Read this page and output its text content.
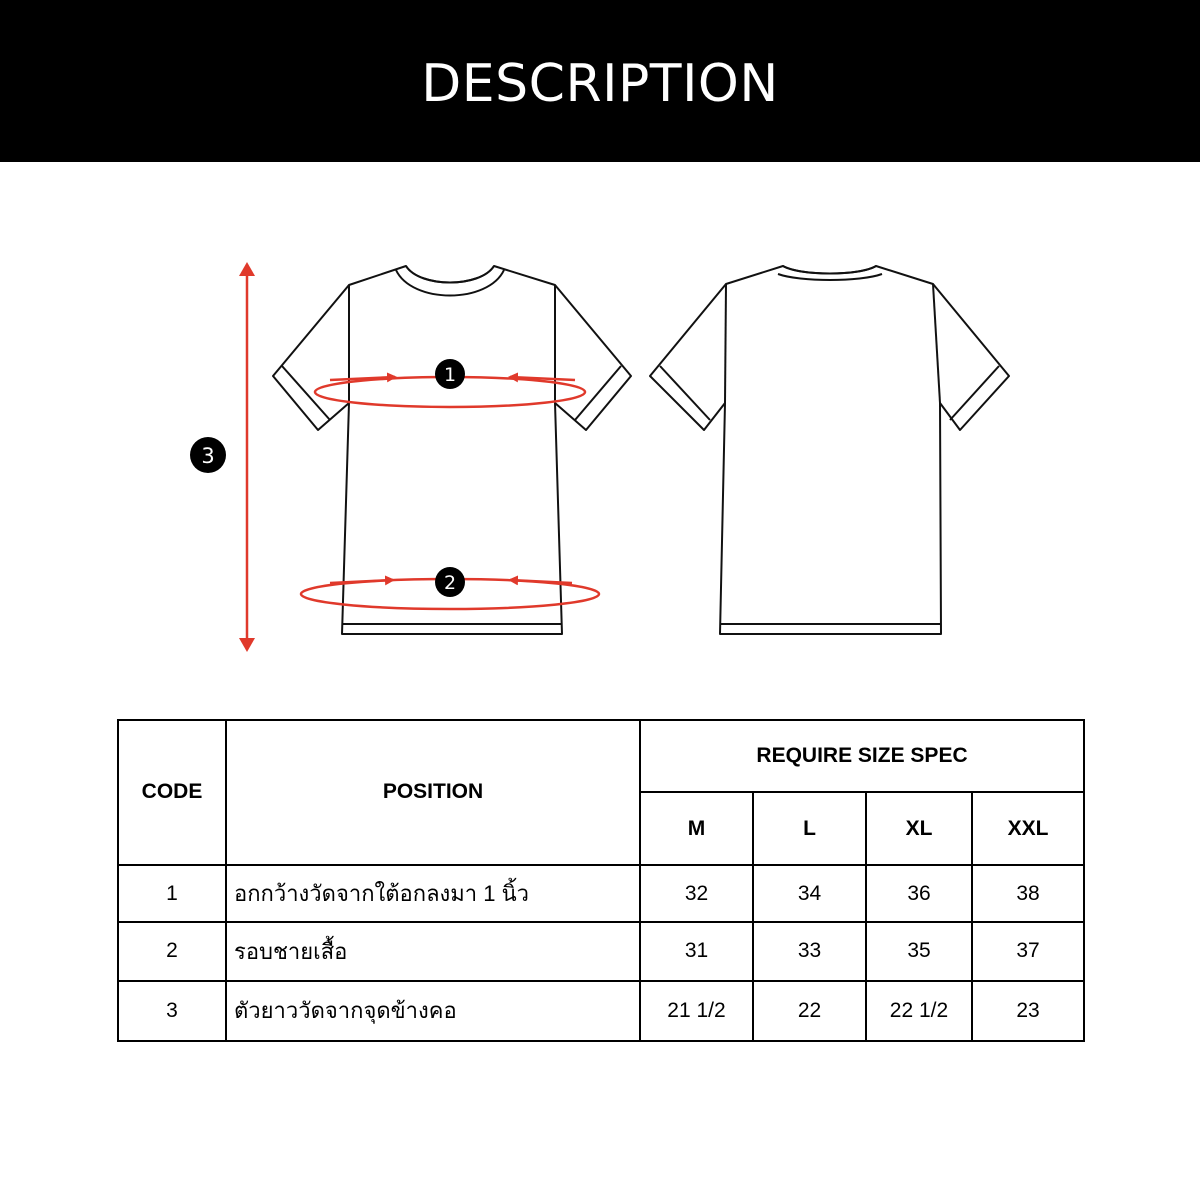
DESCRIPTION
1
2
3
CODE	POSITION	REQUIRE SIZE SPEC			
		M	L	XL	XXL
1	อกกว้างวัดจากใต้อกลงมา 1 นิ้ว	32	34	36	38
2	รอบชายเสื้อ	31	33	35	37
3	ตัวยาววัดจากจุดข้างคอ	21 1/2	22	22 1/2	23
